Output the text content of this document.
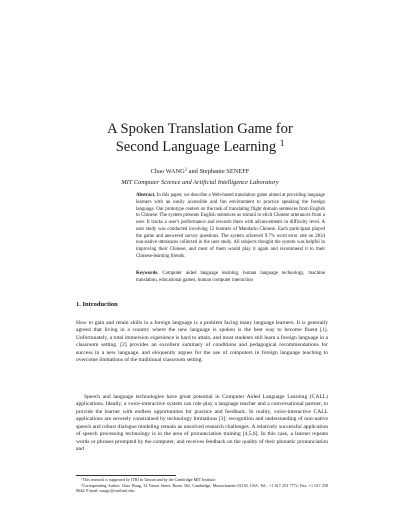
A Spoken Translation Game for
Second Language Learning $^1$
Chao WANG$^2$ and Stephanie SENEFF
MIT Computer Science and Artificial Intelligence Laboratory

Abstract. In this paper, we describe a Web-based translation game aimed at providing language learners with an easily accessible and fun environment to practice speaking the foreign language. Our prototype centers on the task of translating flight domain sentences from English to Chinese. The system presents English sentences as stimuli to elicit Chinese utterances from a user. It tracks a user's performance and rewards them with advancements in difficulty level. A user study was conducted involving 12 learners of Mandarin Chinese. Each participant played the game and answered survey questions. The system achieved 9.7% word error rate on 2834 non-native utterances collected in the user study. All subjects thought the system was helpful in improving their Chinese, and most of them would play it again and recommend it to their Chinese-learning friends.

Keywords. Computer aided language learning, human language technology, machine translation, educational games, human computer interaction

1. Introduction

How to gain and retain skills in a foreign language is a problem facing many language learners. It is generally agreed that living in a country where the new language is spoken is the best way to become fluent [1]. Unfortunately, a total immersion experience is hard to attain, and most students still learn a foreign language in a classroom setting. [2] provides an excellent summary of conditions and pedagogical recommendations for success in a new language, and eloquently argues for the use of computers in foreign language teaching to overcome limitations of the traditional classroom setting.

Speech and language technologies have great potential in Computer Aided Language Learning (CALL) applications. Ideally, a voice-interactive system can role play a language teacher and a conversational partner, to provide the learner with endless opportunities for practice and feedback. In reality, voice-interactive CALL applications are severely constrained by technology limitations [3]: recognition and understanding of non-native speech and robust dialogue modeling remain as unsolved research challenges. A relatively successful application of speech processing technology is in the area of pronunciation training [4,5,6]. In this case, a learner repeats words or phrases prompted by the computer, and receives feedback on the quality of their phonetic pronunciation and

$^1$This research is supported by ITRI in Taiwan and by the Cambridge MIT Institute.
$^2$Corresponding Author: Chao Wang, 32 Vassar Street, Room 362, Cambridge, Massachusetts 02139, USA. Tel.: +1 617 253 7772; Fax: +1 617 258 8642; E-mail: wangc@csail.mit.edu.
